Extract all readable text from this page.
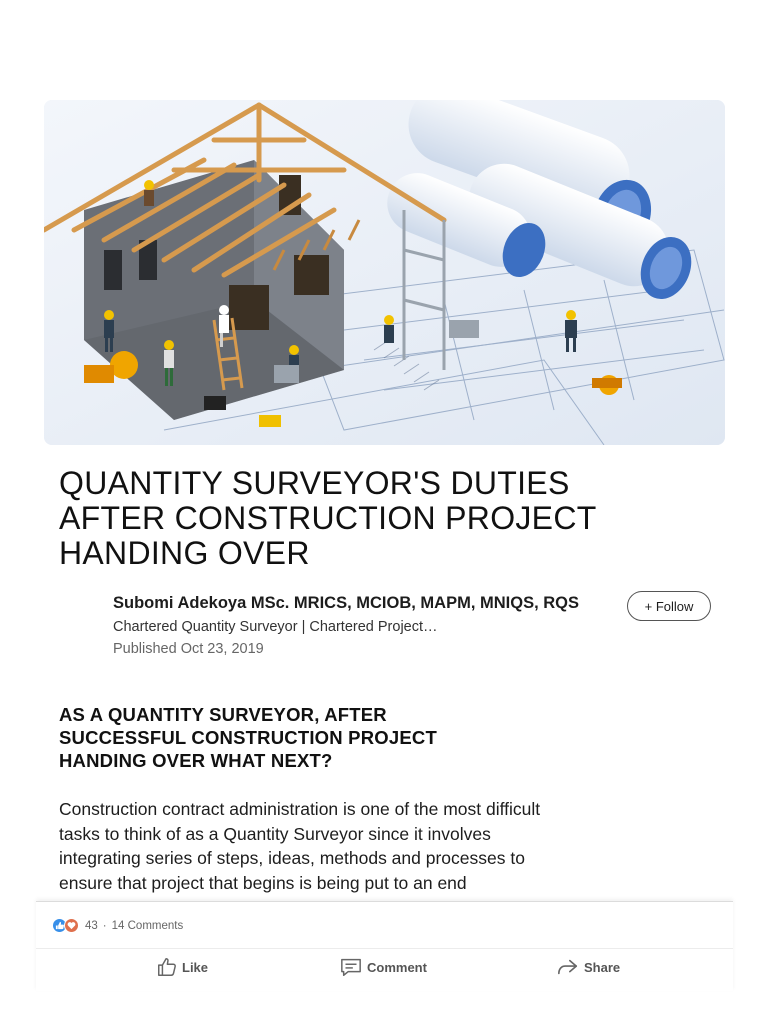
QUANTITY SURVEYOR'S DUTIES AFTER CONSTRUCTION PROJECT HANDING OVER
Subomi Adekoya MSc. MRICS, MCIOB, MAPM, MNIQS, RQS
Chartered Quantity Surveyor | Chartered Project…
Published Oct 23, 2019
+ Follow
AS A QUANTITY SURVEYOR, AFTER SUCCESSFUL CONSTRUCTION PROJECT HANDING OVER WHAT NEXT?

Construction contract administration is one of the most difficult tasks to think of as a Quantity Surveyor since it involves integrating series of steps, ideas, methods and processes to ensure that project that begins is being put to an end

43 · 14 Comments
Like	Comment	Share
